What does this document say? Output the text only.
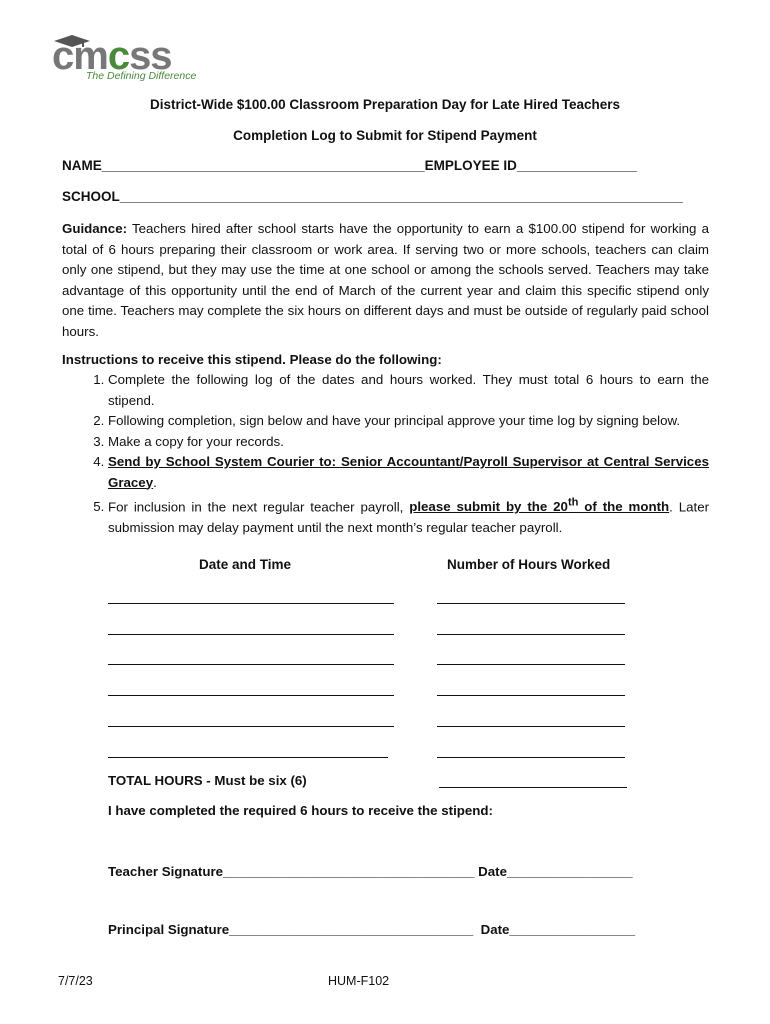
cmcss
The Defining Difference
District-Wide $100.00 Classroom Preparation Day for Late Hired Teachers
Completion Log to Submit for Stipend Payment
NAME___________________________________________EMPLOYEE ID________________
SCHOOL___________________________________________________________________________
Guidance: Teachers hired after school starts have the opportunity to earn a $100.00 stipend for working a total of 6 hours preparing their classroom or work area. If serving two or more schools, teachers can claim only one stipend, but they may use the time at one school or among the schools served. Teachers may take advantage of this opportunity until the end of March of the current year and claim this specific stipend only one time. Teachers may complete the six hours on different days and must be outside of regularly paid school hours.
Instructions to receive this stipend. Please do the following:
1. Complete the following log of the dates and hours worked. They must total 6 hours to earn the stipend.
2. Following completion, sign below and have your principal approve your time log by signing below.
3. Make a copy for your records.
4. Send by School System Courier to: Senior Accountant/Payroll Supervisor at Central Services Gracey.
5. For inclusion in the next regular teacher payroll, please submit by the 20th of the month. Later submission may delay payment until the next month’s regular teacher payroll.
Date and Time	Number of Hours Worked
TOTAL HOURS - Must be six (6)
I have completed the required 6 hours to receive the stipend:
Teacher Signature__________________________________ Date_________________
Principal Signature_________________________________  Date_________________
7/7/23	HUM-F102
